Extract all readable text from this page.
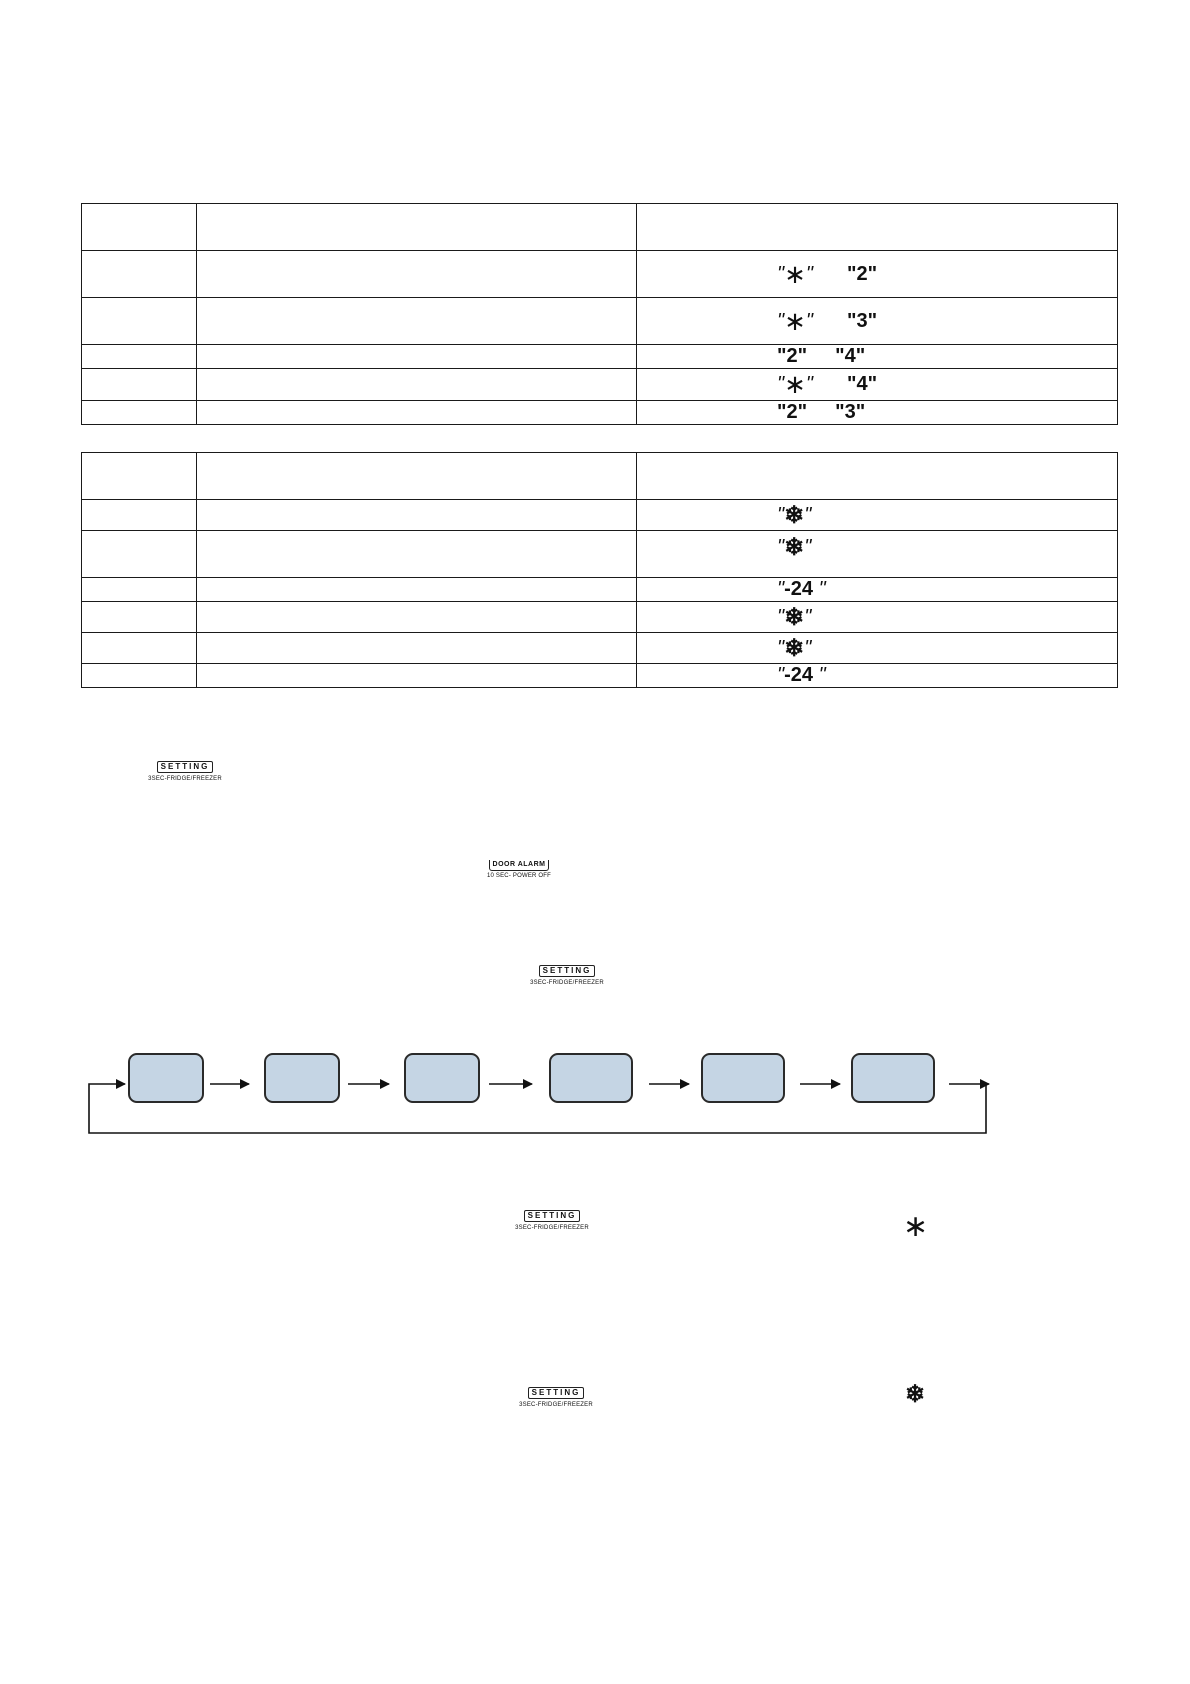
		"∗" "2"
		"∗" "3"
		"2" "4"
		"∗" "4"
		"2" "3"

		"❄"
		"❄"
		"-24 "
		"❄"
		"❄"
		"-24 "
SETTING
3SEC-FRIDGE/FREEZER
DOOR ALARM
10 SEC- POWER OFF
SETTING
3SEC-FRIDGE/FREEZER
SETTING
3SEC-FRIDGE/FREEZER
SETTING
3SEC-FRIDGE/FREEZER
∗
❄
